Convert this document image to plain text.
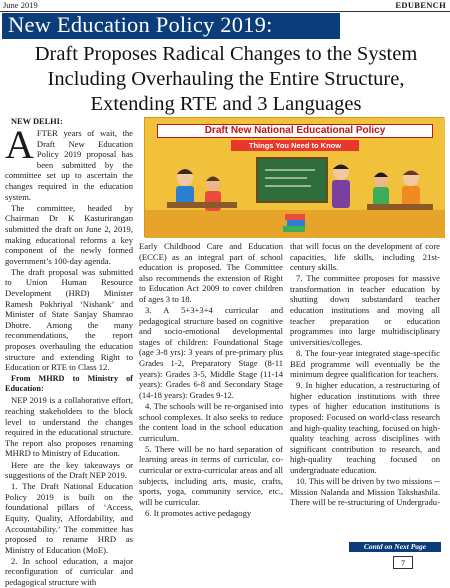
June 2019	EDUBENCH
New Education Policy 2019:
Draft Proposes Radical Changes to the System Including Overhauling the Entire Structure, Extending RTE and 3 Languages

NEW DELHI:

AFTER years of wait, the Draft New Education Policy 2019 proposal has been submitted by the committee set up to ascertain the changes required in the education system.

The committee, headed by Chairman Dr K Kasturirangan submitted the draft on June 2, 2019, making educational reforms a key component of the newly formed government’s 100-day agenda.

The draft proposal was submitted to Union Human Resource Development (HRD) Minister Ramesh Pokhriyal ‘Nishank’ and Minister of State Sanjay Shamrao Dhotre. Among the many recommendations, the report proposes overhauling the education structure and extending Right to Education or RTE to Class 12.

From MHRD to Ministry of Education:

NEP 2019 is a collaborative effort, reaching stakeholders to the block level to understand the changes required in the educational structure. The report also proposes renaming MHRD to Ministry of Education.

Here are the key takeaways or suggestions of the Draft NEP 2019.

1. The Draft National Education Policy 2019 is built on the foundational pillars of ‘Access, Equity, Quality, Affordability, and Accountability.’ The committee has proposed to rename HRD as Ministry of Education (MoE).

2. In school education, a major reconfiguration of curricular and pedagogical structure with

Draft New National Educational Policy
Things You Need to Know

Early Childhood Care and Education (ECCE) as an integral part of school education is proposed. The Committee also recommends the extension of Right to Education Act 2009 to cover children of ages 3 to 18.

3. A 5+3+3+4 curricular and pedagogical structure based on cognitive and socio-emotional developmental stages of children: Foundational Stage (age 3-8 yrs): 3 years of pre-primary plus Grades 1-2, Preparatory Stage (8-11 years): Grades 3-5, Middle Stage (11-14 years): Grades 6-8 and Secondary Stage (14-18 years): Grades 9-12.

4. The schools will be re-organised into school complexes. It also seeks to reduce the content load in the school education curriculum.

5. There will be no hard separation of learning areas in terms of curricular, co-curricular or extra-curricular areas and all subjects, including arts, music, crafts, sports, yoga, community service, etc., will be curricular.

6. It promotes active pedagogy

that will focus on the development of core capacities, life skills, including 21st-century skills.

7. The committee proposes for massive transformation in teacher education by shutting down substandard teacher education institutions and moving all teacher preparation or education programmes into large multidisciplinary universities/colleges.

8. The four-year integrated stage-specific BEd programme will eventually be the minimum degree qualification for teachers.

9. In higher education, a restructuring of higher education institutions with three types of higher education institutions is proposed: Focused on world-class research and high-quality teaching, focused on high-quality teaching across disciplines with significant contribution to research, and high-quality teaching focused on undergraduate education.

10. This will be driven by two missions -- Mission Nalanda and Mission Takshashila. There will be re-structuring of Undergradu-

Contd on Next Page
7
